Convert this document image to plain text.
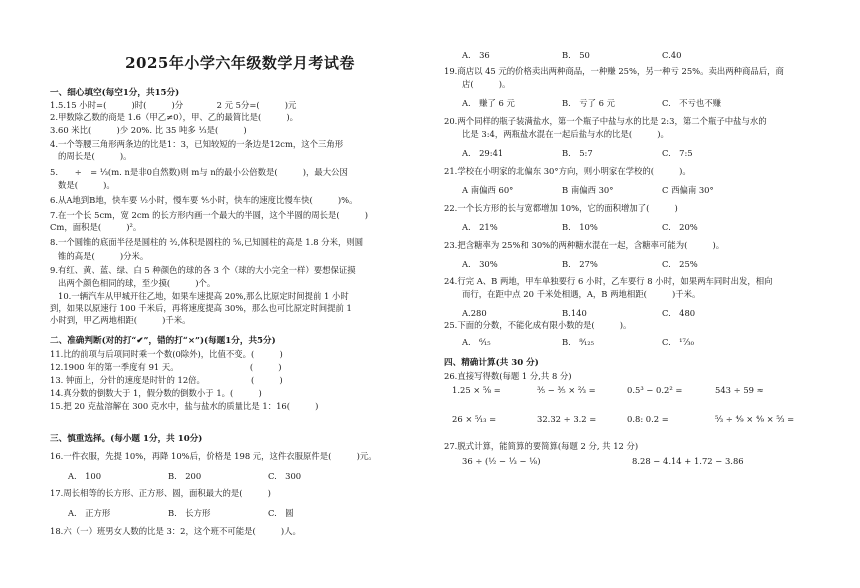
2025年小学六年级数学月考试卷
一、细心填空(每空1分，共15分)
1.5.15 小时=(　　　)时(　　　)分　　　　2 元 5分=(　　　)元
2.甲数除乙数的商是 1.6（甲乙≠0），甲、乙的最简比是(　　　)。
3.60 米比(　　　)少 20%. 比 35 吨多 ¹⁄₃是(　　　)
4.一个等腰三角形两条边的比是1：3，已知较短的一条边是12cm，这个三角形
的周长是(　　　)。
5.　　÷　= ¹⁄₃(m. n是非0自然数)则 m与 n的最小公倍数是(　　　)，最大公因
数是(　　　)。
6.从A地到B地，快车要 ½小时，慢车要 ⁴⁄₅小时，快车的速度比慢车快(　　　)%。
7.在一个长 5cm，宽 2cm 的长方形内画一个最大的半圆，这个半圆的周长是(　　　)
Cm，面积是(　　　)²。
8.一个圆锥的底面半径是圆柱的 ³⁄₂,体积是圆柱的 ⁵⁄₆,已知圆柱的高是 1.8 分米，则圆
锥的高是(　　　)分米。
9.有红、黄、蓝、绿、白 5 种颜色的球的各 3 个（球的大小完全一样）要想保证摸
出两个颜色相同的球，至少摸(　　　)个。
10.一辆汽车从甲城开往乙地，如果车速提高 20%,那么比原定时间提前 1 小时
到，如果以原速行 100 千米后，再将速度提高 30%，那么也可比原定时间提前 1
小时到，甲乙两地相距(　　　)千米。
二、准确判断(对的打“✔”，错的打“×”)(每题1分，共5分)
11.比的前项与后项同时乘一个数(0除外)，比值不变。(　　　)
12.1900 年的第一季度有 91 天。　　　　　　　　　(　　　)
13. 钟面上，分针的速度是时针的 12倍。　　　　　　(　　　)
14.真分数的倒数大于 1，假分数的倒数小于 1。(　　　)
15.把 20 克盐溶解在 300 克水中，盐与盐水的质量比是 1：16(　　　)
三、慎重选择。(每小题 1分，共 10分)
16.一件衣服，先提 10%，再降 10%后，价格是 198 元，这件衣服原件是(　　　)元。
A.　100	B.　200	C.　300
17.周长相等的长方形、正方形、圆，面积最大的是(　　　)
A.　正方形	B.　长方形	C.　圆
18.六（一）班男女人数的比是 3：2，这个班不可能是(　　　)人。
A.　36	B.　50	C.40
19.商店以 45 元的价格卖出两种商品，一种赚 25%，另一种亏 25%。卖出两种商品后，商
店(　　　)。
A.　赚了 6 元	B.　亏了 6 元	C.　不亏也不赚
20.两个同样的瓶子装满盐水，第一个瓶子中盐与水的比是 2:3，第二个瓶子中盐与水的
比是 3:4，两瓶盐水混在一起后盐与水的比是(　　　)。
A.　29:41	B.　5:7	C.　7:5
21.学校在小明家的北偏东 30°方向，则小明家在学校的(　　　)。
A 南偏西 60°	B 南偏西 30°	C 西偏南 30°
22.一个长方形的长与宽都增加 10%，它的面积增加了(　　　)
A.　21%	B.　10%	C.　20%
23.把含糖率为 25%和 30%的两种糖水混在一起，含糖率可能为(　　　)。
A.　30%	B.　27%	C.　25%
24.行完 A、B 两地，甲车单独要行 6 小时，乙车要行 8 小时，如果两车同时出发，相向
而行，在距中点 20 千米处相遇，A，B 两地相距(　　　)千米。
A.280	B.140	C.　480
25.下面的分数，不能化成有限小数的是(　　　)。
A.　⁶⁄₁₅	B.　⁸⁄₁₂₅	C.　¹⁷⁄₃₀
四、精确计算(共 30 分)
26.直接写得数(每题 1 分,共 8 分)
1.25 × ⁵⁄₈ =	³⁄₅ − ³⁄₅ × ²⁄₃ =	0.5³ − 0.2² =	543 ÷ 59 ≈
26 × ⁵⁄₁₃ =	32.32 ÷ 3.2 =	0.8: 0.2 =	⁵⁄₃ ÷ ⁴⁄₉ × ⁴⁄₉ × ⁵⁄₃ =
27.脱式计算，能简算的要简算(每题 2 分, 共 12 分)
36 ÷ (½ − ⅓ − ⅛)	8.28 − 4.14 + 1.72 − 3.86
